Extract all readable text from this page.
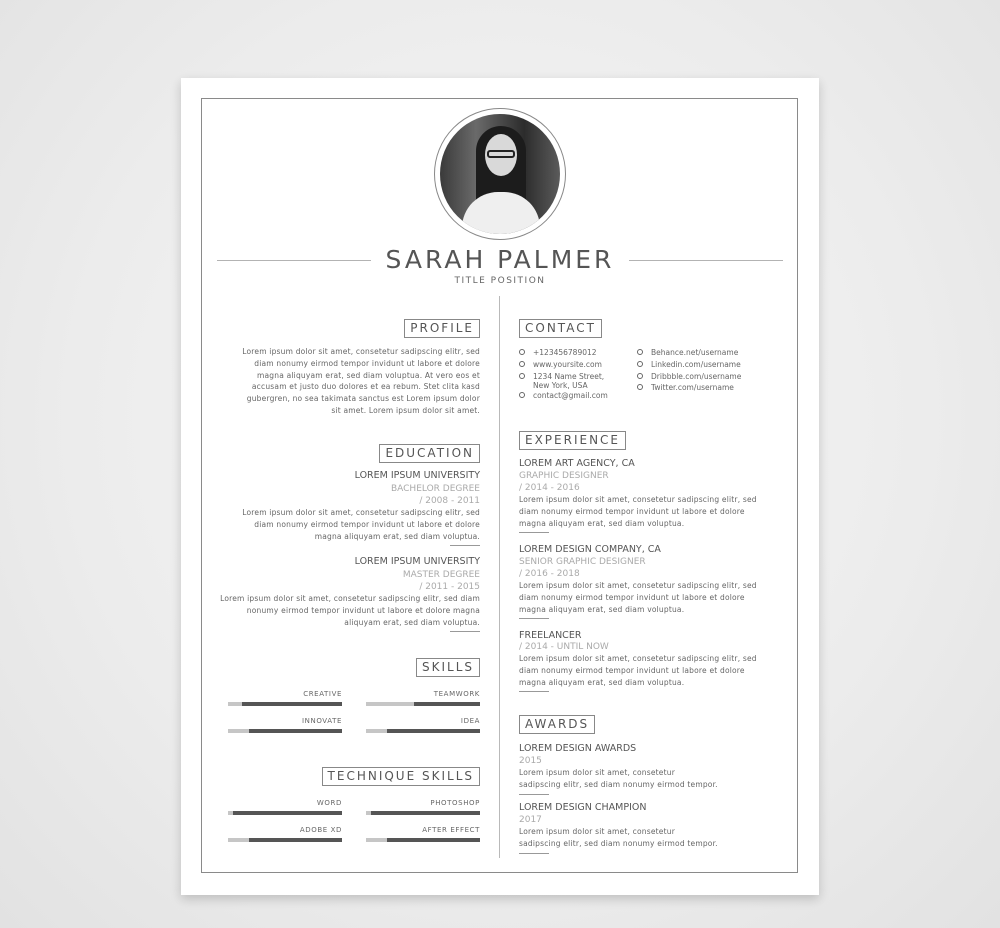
SARAH PALMER
TITLE POSITION
PROFILE

Lorem ipsum dolor sit amet, consetetur sadipscing elitr, sed diam nonumy eirmod tempor invidunt ut labore et dolore magna aliquyam erat, sed diam voluptua. At vero eos et accusam et justo duo dolores et ea rebum. Stet clita kasd gubergren, no sea takimata sanctus est Lorem ipsum dolor sit amet. Lorem ipsum dolor sit amet.

EDUCATION
LOREM IPSUM UNIVERSITY
BACHELOR DEGREE
/ 2008 - 2011

Lorem ipsum dolor sit amet, consetetur sadipscing elitr, sed diam nonumy eirmod tempor invidunt ut labore et dolore magna aliquyam erat, sed diam voluptua.

LOREM IPSUM UNIVERSITY
MASTER DEGREE
/ 2011 - 2015

Lorem ipsum dolor sit amet, consetetur sadipscing elitr, sed diam nonumy eirmod tempor invidunt ut labore et dolore magna aliquyam erat, sed diam voluptua.

SKILLS
CREATIVE	TEAMWORK
INNOVATE	IDEA
TECHNIQUE SKILLS
WORD	PHOTOSHOP
ADOBE XD	AFTER EFFECT
CONTACT
+123456789012
www.yoursite.com
1234 Name Street,
New York, USA
contact@gmail.com
Behance.net/username
Linkedin.com/username
Dribbble.com/username
Twitter.com/username
EXPERIENCE
LOREM ART AGENCY, CA
GRAPHIC DESIGNER
/ 2014 - 2016

Lorem ipsum dolor sit amet, consetetur sadipscing elitr, sed diam nonumy eirmod tempor invidunt ut labore et dolore magna aliquyam erat, sed diam voluptua.

LOREM DESIGN COMPANY, CA
SENIOR GRAPHIC DESIGNER
/ 2016 - 2018

Lorem ipsum dolor sit amet, consetetur sadipscing elitr, sed diam nonumy eirmod tempor invidunt ut labore et dolore magna aliquyam erat, sed diam voluptua.

FREELANCER
/ 2014 - UNTIL NOW

Lorem ipsum dolor sit amet, consetetur sadipscing elitr, sed diam nonumy eirmod tempor invidunt ut labore et dolore magna aliquyam erat, sed diam voluptua.

AWARDS
LOREM DESIGN AWARDS
2015

Lorem ipsum dolor sit amet, consetetur sadipscing elitr, sed diam nonumy eirmod tempor.

LOREM DESIGN CHAMPION
2017

Lorem ipsum dolor sit amet, consetetur sadipscing elitr, sed diam nonumy eirmod tempor.
